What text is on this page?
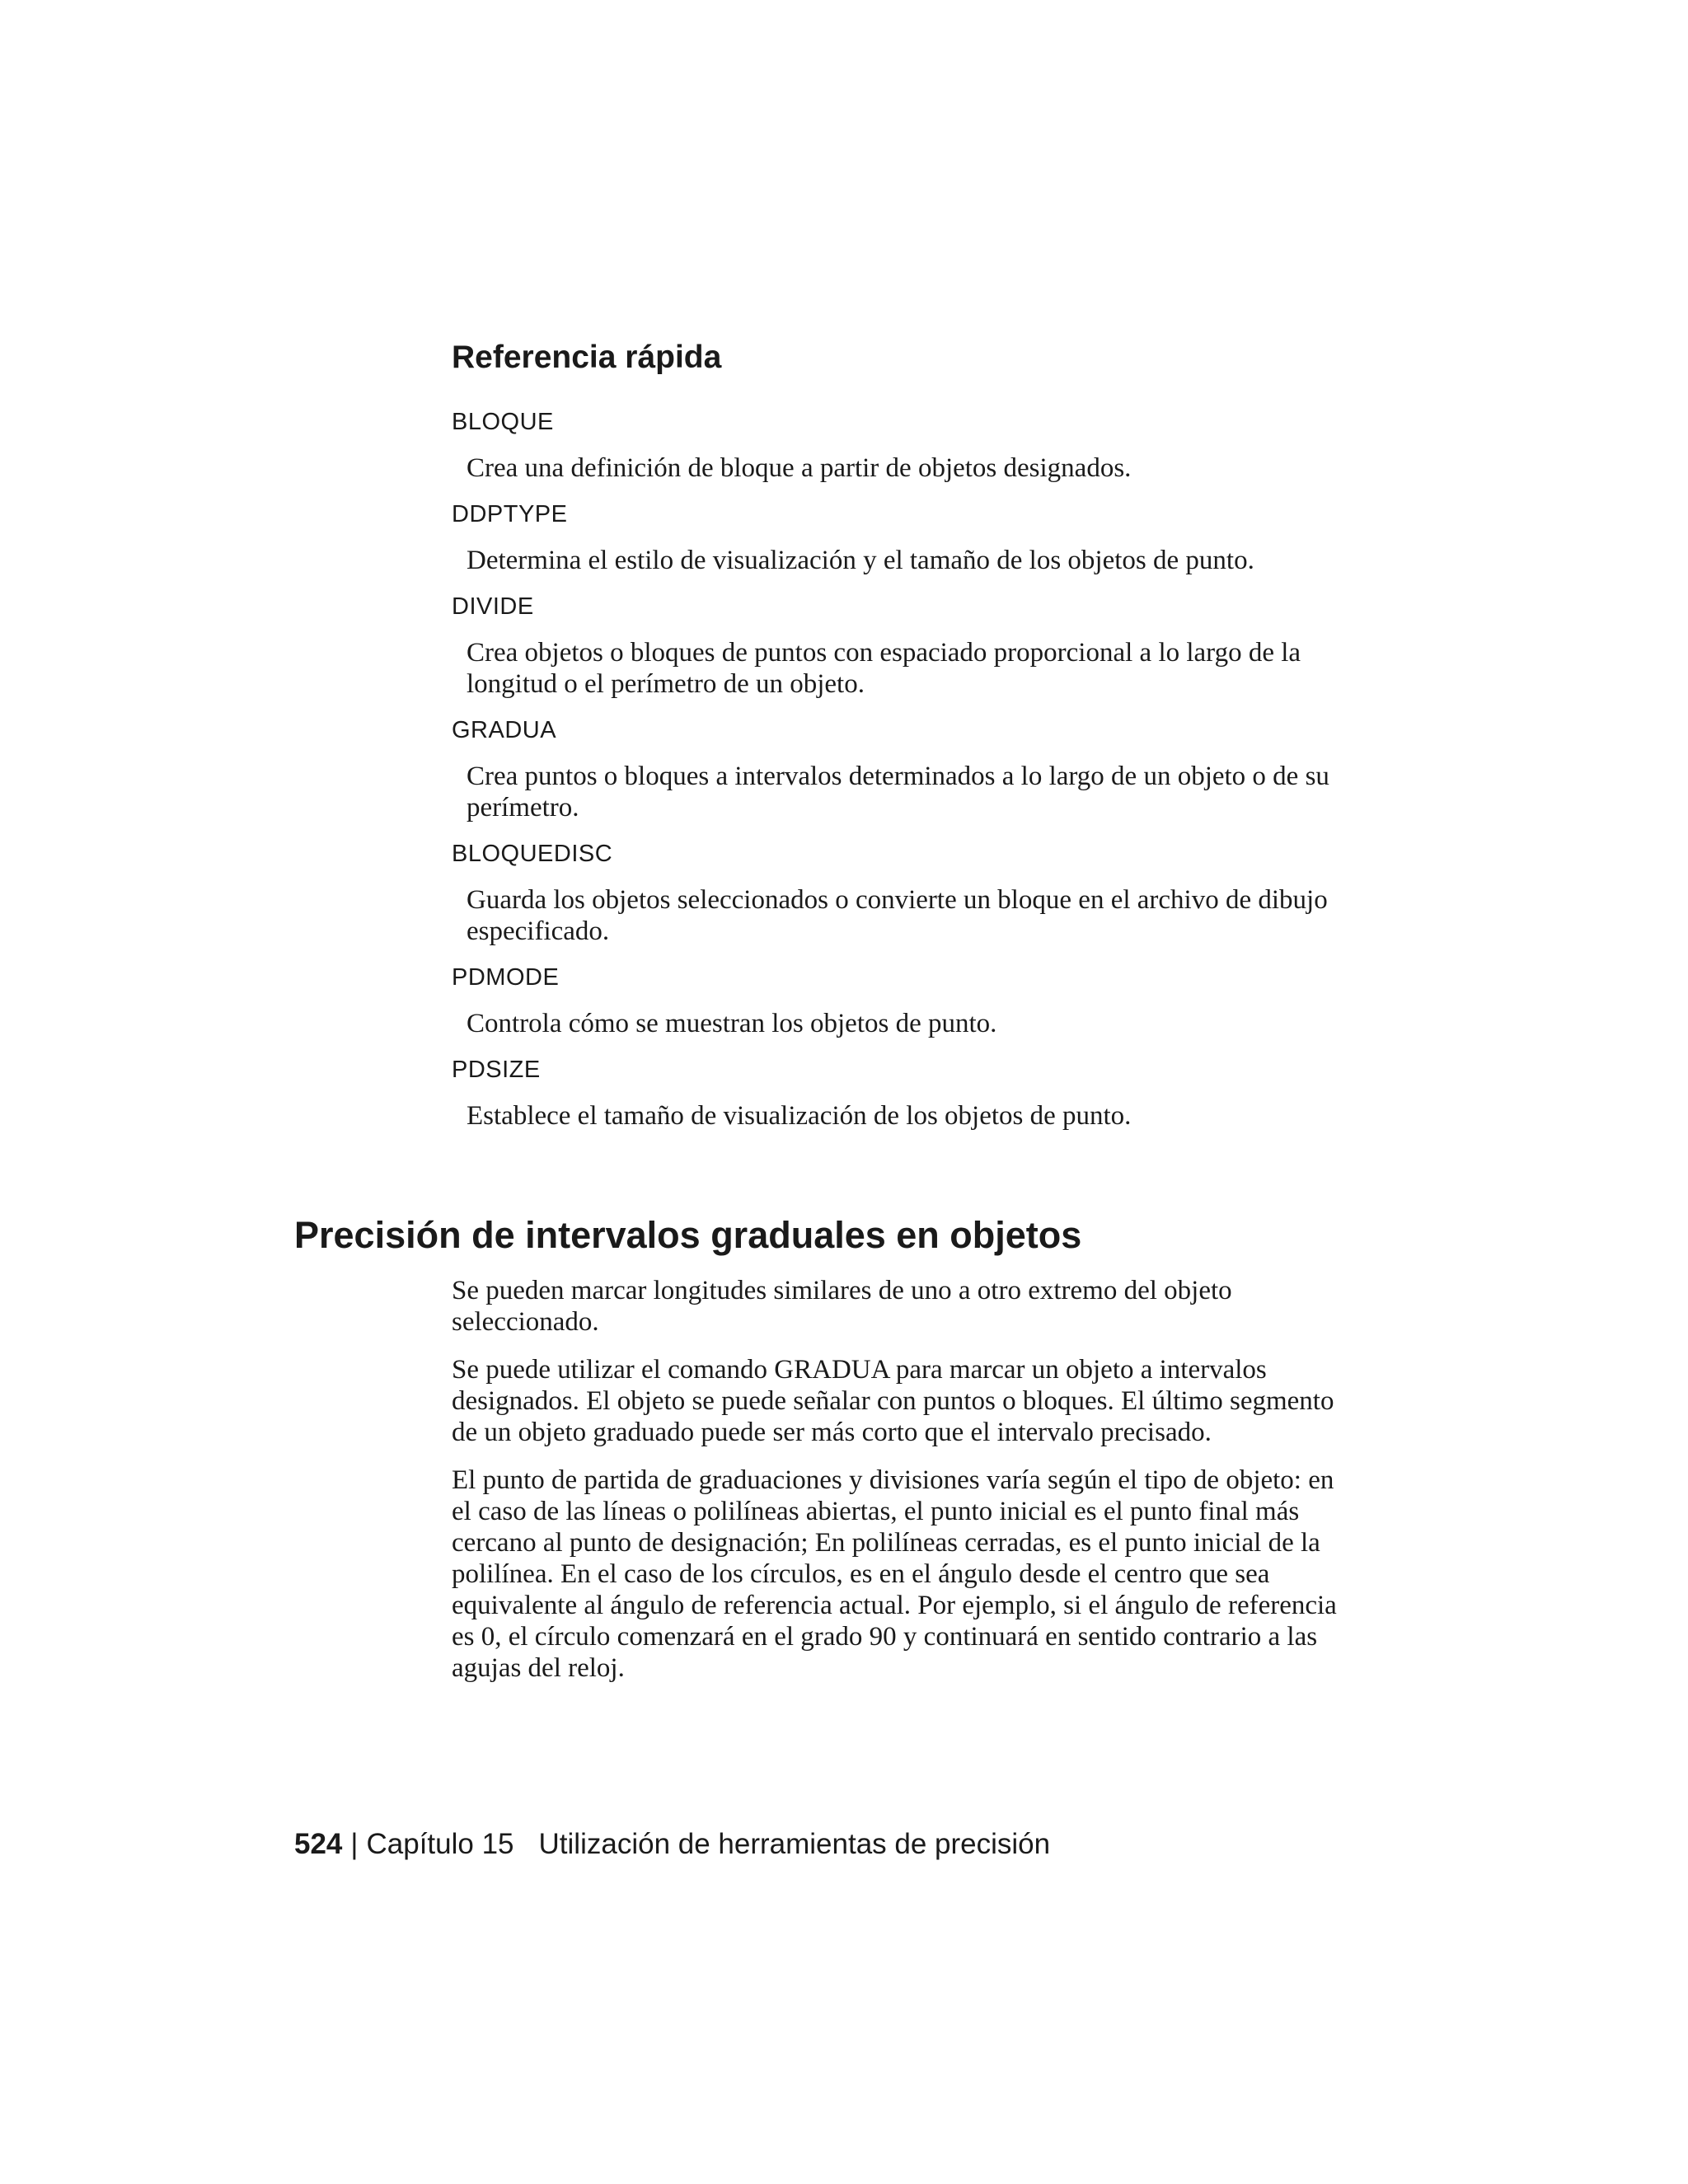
Referencia rápida
BLOQUE
Crea una definición de bloque a partir de objetos designados.
DDPTYPE
Determina el estilo de visualización y el tamaño de los objetos de punto.
DIVIDE
Crea objetos o bloques de puntos con espaciado proporcional a lo largo de la longitud o el perímetro de un objeto.
GRADUA
Crea puntos o bloques a intervalos determinados a lo largo de un objeto o de su perímetro.
BLOQUEDISC
Guarda los objetos seleccionados o convierte un bloque en el archivo de dibujo especificado.
PDMODE
Controla cómo se muestran los objetos de punto.
PDSIZE
Establece el tamaño de visualización de los objetos de punto.
Precisión de intervalos graduales en objetos

Se pueden marcar longitudes similares de uno a otro extremo del objeto seleccionado.

Se puede utilizar el comando GRADUA para marcar un objeto a intervalos designados. El objeto se puede señalar con puntos o bloques. El último segmento de un objeto graduado puede ser más corto que el intervalo precisado.

El punto de partida de graduaciones y divisiones varía según el tipo de objeto: en el caso de las líneas o polilíneas abiertas, el punto inicial es el punto final más cercano al punto de designación; En polilíneas cerradas, es el punto inicial de la polilínea. En el caso de los círculos, es en el ángulo desde el centro que sea equivalente al ángulo de referencia actual. Por ejemplo, si el ángulo de referencia es 0, el círculo comenzará en el grado 90 y continuará en sentido contrario a las agujas del reloj.

524 | Capítulo 15 Utilización de herramientas de precisión
